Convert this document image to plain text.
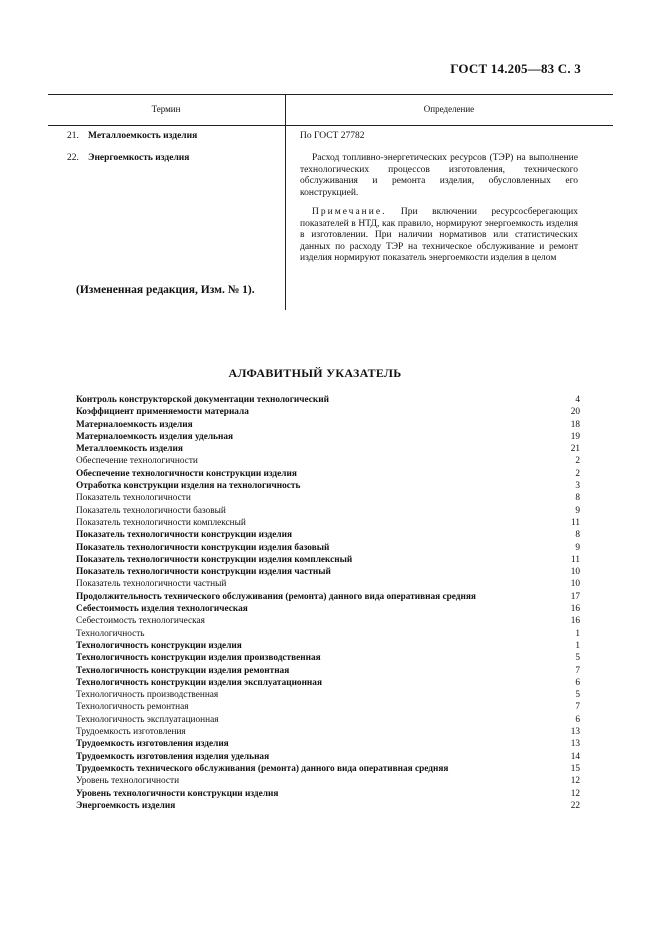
ГОСТ 14.205—83 С. 3
Термин	Определение
21. Металлоемкость изделия	По ГОСТ 27782

22. Энергоемкость изделия	Расход топливно-энергетических ресурсов (ТЭР) на выполнение технологических процессов изготовления, технического обслуживания и ремонта изделия, обусловленных его конструкцией.

Примечание. При включении ресурсосберегающих показателей в НТД, как правило, нормируют энергоемкость изделия в изготовлении. При наличии нормативов или статистических данных по расходу ТЭР на техническое обслуживание и ремонт изделия нормируют показатель энергоемкости изделия в целом

(Измененная редакция, Изм. № 1).
АЛФАВИТНЫЙ УКАЗАТЕЛЬ
Контроль конструкторской документации технологический	4
Коэффициент применяемости материала	20
Материалоемкость изделия	18
Материалоемкость изделия удельная	19
Металлоемкость изделия	21
Обеспечение технологичности	2
Обеспечение технологичности конструкции изделия	2
Отработка конструкции изделия на технологичность	3
Показатель технологичности	8
Показатель технологичности базовый	9
Показатель технологичности комплексный	11
Показатель технологичности конструкции изделия	8
Показатель технологичности конструкции изделия базовый	9
Показатель технологичности конструкции изделия комплексный	11
Показатель технологичности конструкции изделия частный	10
Показатель технологичности частный	10
Продолжительность технического обслуживания (ремонта) данного вида оперативная средняя	17
Себестоимость изделия технологическая	16
Себестоимость технологическая	16
Технологичность	1
Технологичность конструкции изделия	1
Технологичность конструкции изделия производственная	5
Технологичность конструкции изделия ремонтная	7
Технологичность конструкции изделия эксплуатационная	6
Технологичность производственная	5
Технологичность ремонтная	7
Технологичность эксплуатационная	6
Трудоемкость изготовления	13
Трудоемкость изготовления изделия	13
Трудоемкость изготовления изделия удельная	14
Трудоемкость технического обслуживания (ремонта) данного вида оперативная средняя	15
Уровень технологичности	12
Уровень технологичности конструкции изделия	12
Энергоемкость изделия	22
